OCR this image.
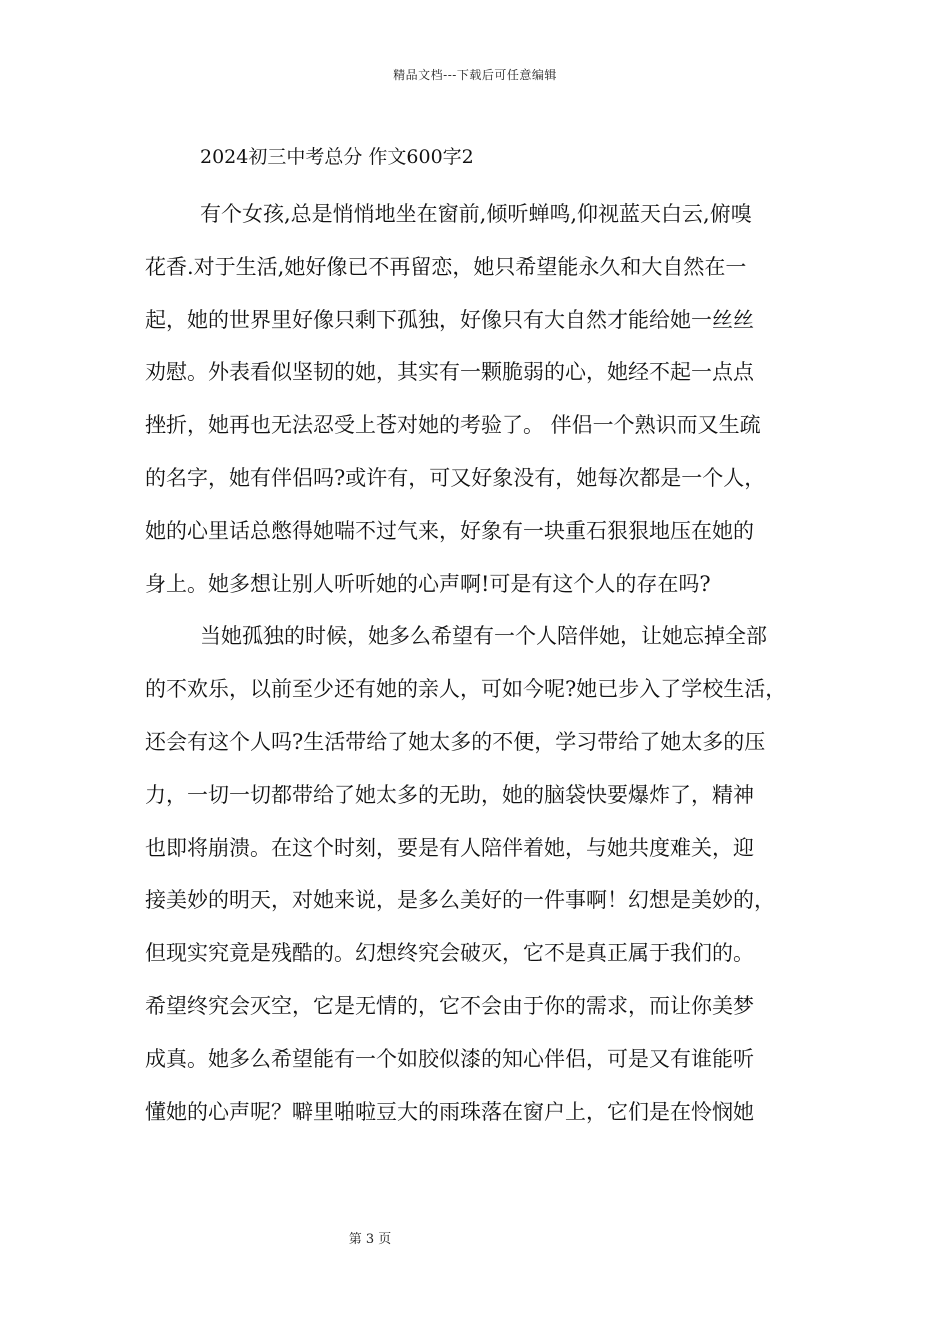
精品文档---下载后可任意编辑
2024初三中考总分 作文600字2
有个女孩,总是悄悄地坐在窗前,倾听蝉鸣,仰视蓝天白云,俯嗅
花香.对于生活,她好像已不再留恋，她只希望能永久和大自然在一
起，她的世界里好像只剩下孤独，好像只有大自然才能给她一丝丝
劝慰。外表看似坚韧的她，其实有一颗脆弱的心，她经不起一点点
挫折，她再也无法忍受上苍对她的考验了。 伴侣一个熟识而又生疏
的名字，她有伴侣吗?或许有，可又好象没有，她每次都是一个人，
她的心里话总憋得她喘不过气来，好象有一块重石狠狠地压在她的
身上。她多想让别人听听她的心声啊!可是有这个人的存在吗?
当她孤独的时候，她多么希望有一个人陪伴她，让她忘掉全部
的不欢乐，以前至少还有她的亲人，可如今呢?她已步入了学校生活，
还会有这个人吗?生活带给了她太多的不便，学习带给了她太多的压
力，一切一切都带给了她太多的无助，她的脑袋快要爆炸了，精神
也即将崩溃。在这个时刻，要是有人陪伴着她，与她共度难关，迎
接美妙的明天，对她来说，是多么美好的一件事啊！幻想是美妙的，
但现实究竟是残酷的。幻想终究会破灭，它不是真正属于我们的。
希望终究会灭空，它是无情的，它不会由于你的需求，而让你美梦
成真。她多么希望能有一个如胶似漆的知心伴侣，可是又有谁能听
懂她的心声呢？噼里啪啦豆大的雨珠落在窗户上，它们是在怜悯她
第 3 页
